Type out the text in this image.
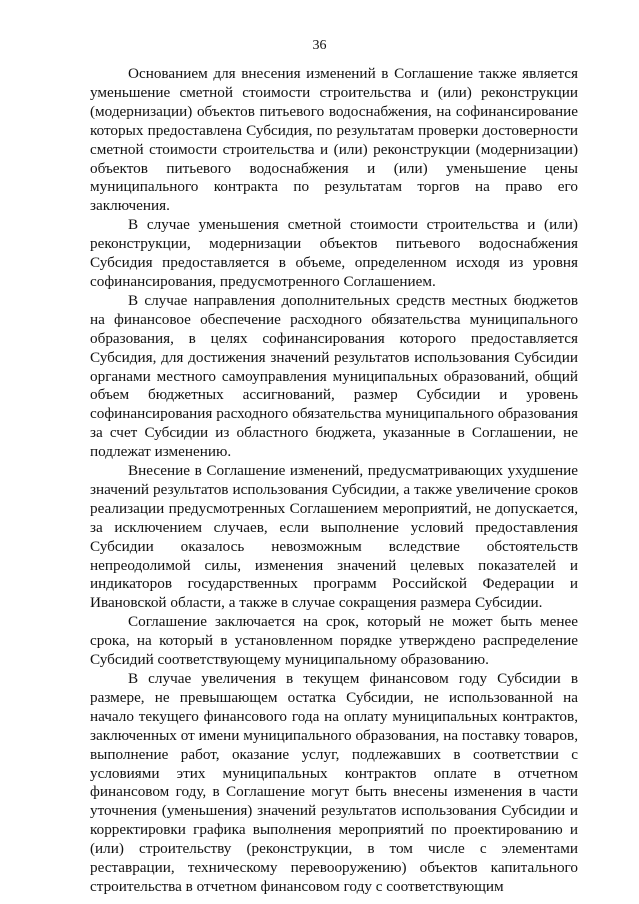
36

Основанием для внесения изменений в Соглашение также является уменьшение сметной стоимости строительства и (или) реконструкции (модернизации) объектов питьевого водоснабжения, на софинансирование которых предоставлена Субсидия, по результатам проверки достоверности сметной стоимости строительства и (или) реконструкции (модернизации) объектов питьевого водоснабжения и (или) уменьшение цены муниципального контракта по результатам торгов на право его заключения.

В случае уменьшения сметной стоимости строительства и (или) реконструкции, модернизации объектов питьевого водоснабжения Субсидия предоставляется в объеме, определенном исходя из уровня софинансирования, предусмотренного Соглашением.

В случае направления дополнительных средств местных бюджетов на финансовое обеспечение расходного обязательства муниципального образования, в целях софинансирования которого предоставляется Субсидия, для достижения значений результатов использования Субсидии органами местного самоуправления муниципальных образований, общий объем бюджетных ассигнований, размер Субсидии и уровень софинансирования расходного обязательства муниципального образования за счет Субсидии из областного бюджета, указанные в Соглашении, не подлежат изменению.

Внесение в Соглашение изменений, предусматривающих ухудшение значений результатов использования Субсидии, а также увеличение сроков реализации предусмотренных Соглашением мероприятий, не допускается, за исключением случаев, если выполнение условий предоставления Субсидии оказалось невозможным вследствие обстоятельств непреодолимой силы, изменения значений целевых показателей и индикаторов государственных программ Российской Федерации и Ивановской области, а также в случае сокращения размера Субсидии.

Соглашение заключается на срок, который не может быть менее срока, на который в установленном порядке утверждено распределение Субсидий соответствующему муниципальному образованию.

В случае увеличения в текущем финансовом году Субсидии в размере, не превышающем остатка Субсидии, не использованной на начало текущего финансового года на оплату муниципальных контрактов, заключенных от имени муниципального образования, на поставку товаров, выполнение работ, оказание услуг, подлежавших в соответствии с условиями этих муниципальных контрактов оплате в отчетном финансовом году, в Соглашение могут быть внесены изменения в части уточнения (уменьшения) значений результатов использования Субсидии и корректировки графика выполнения мероприятий по проектированию и (или) строительству (реконструкции, в том числе с элементами реставрации, техническому перевооружению) объектов капитального строительства в отчетном финансовом году с соответствующим
